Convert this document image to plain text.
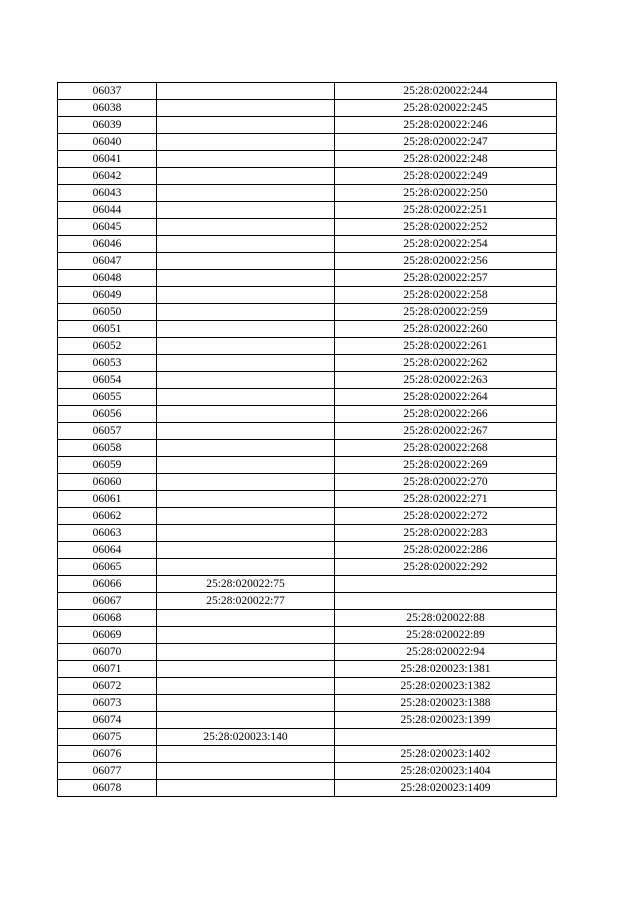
06037		25:28:020022:244
06038		25:28:020022:245
06039		25:28:020022:246
06040		25:28:020022:247
06041		25:28:020022:248
06042		25:28:020022:249
06043		25:28:020022:250
06044		25:28:020022:251
06045		25:28:020022:252
06046		25:28:020022:254
06047		25:28:020022:256
06048		25:28:020022:257
06049		25:28:020022:258
06050		25:28:020022:259
06051		25:28:020022:260
06052		25:28:020022:261
06053		25:28:020022:262
06054		25:28:020022:263
06055		25:28:020022:264
06056		25:28:020022:266
06057		25:28:020022:267
06058		25:28:020022:268
06059		25:28:020022:269
06060		25:28:020022:270
06061		25:28:020022:271
06062		25:28:020022:272
06063		25:28:020022:283
06064		25:28:020022:286
06065		25:28:020022:292
06066	25:28:020022:75	
06067	25:28:020022:77	
06068		25:28:020022:88
06069		25:28:020022:89
06070		25:28:020022:94
06071		25:28:020023:1381
06072		25:28:020023:1382
06073		25:28:020023:1388
06074		25:28:020023:1399
06075	25:28:020023:140	
06076		25:28:020023:1402
06077		25:28:020023:1404
06078		25:28:020023:1409
